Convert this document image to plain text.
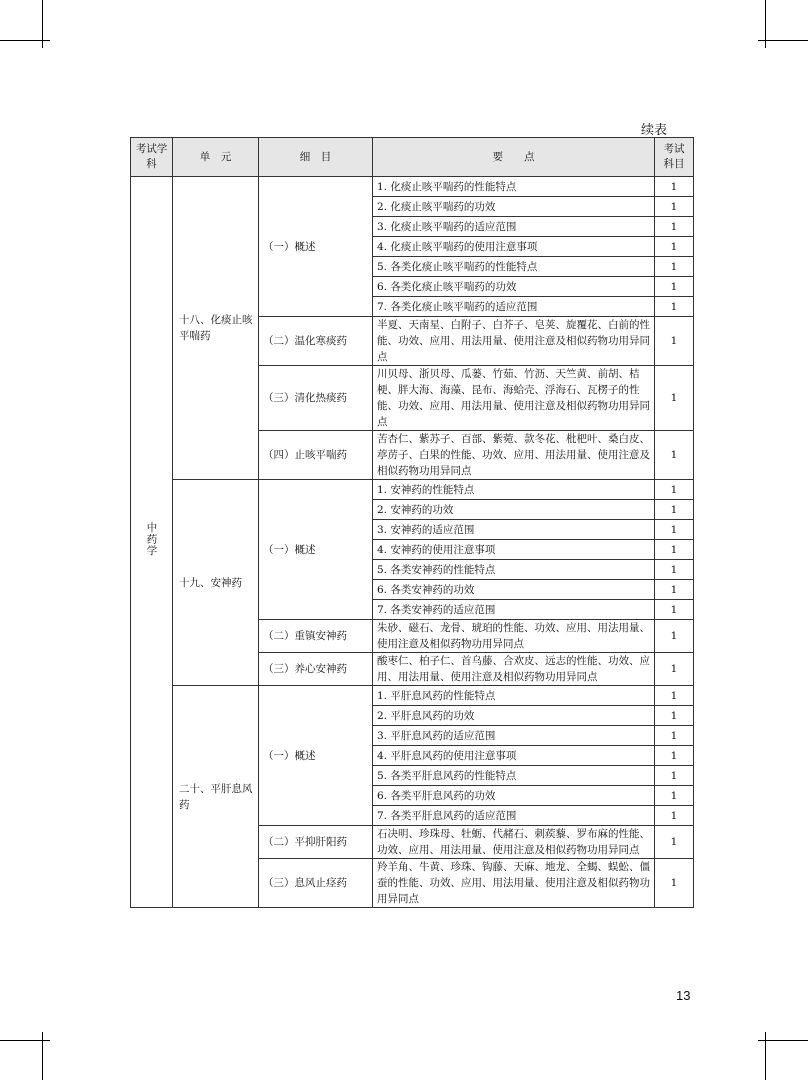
续表
考试学科	单　元	细　目	要　　点	考试科目
中药学	十八、化痰止咳平喘药	（一）概述	1. 化痰止咳平喘药的性能特点	1
			2. 化痰止咳平喘药的功效	1
			3. 化痰止咳平喘药的适应范围	1
			4. 化痰止咳平喘药的使用注意事项	1
			5. 各类化痰止咳平喘药的性能特点	1
			6. 各类化痰止咳平喘药的功效	1
			7. 各类化痰止咳平喘药的适应范围	1
		（二）温化寒痰药	半夏、天南星、白附子、白芥子、皂荚、旋覆花、白前的性能、功效、应用、用法用量、使用注意及相似药物功用异同点	1
		（三）清化热痰药	川贝母、浙贝母、瓜蒌、竹茹、竹沥、天竺黄、前胡、桔梗、胖大海、海藻、昆布、海蛤壳、浮海石、瓦楞子的性能、功效、应用、用法用量、使用注意及相似药物功用异同点	1
		（四）止咳平喘药	苦杏仁、紫苏子、百部、紫菀、款冬花、枇杷叶、桑白皮、葶苈子、白果的性能、功效、应用、用法用量、使用注意及相似药物功用异同点	1
	十九、安神药	（一）概述	1. 安神药的性能特点	1
			2. 安神药的功效	1
			3. 安神药的适应范围	1
			4. 安神药的使用注意事项	1
			5. 各类安神药的性能特点	1
			6. 各类安神药的功效	1
			7. 各类安神药的适应范围	1
		（二）重镇安神药	朱砂、磁石、龙骨、琥珀的性能、功效、应用、用法用量、使用注意及相似药物功用异同点	1
		（三）养心安神药	酸枣仁、柏子仁、首乌藤、合欢皮、远志的性能、功效、应用、用法用量、使用注意及相似药物功用异同点	1
	二十、平肝息风药	（一）概述	1. 平肝息风药的性能特点	1
			2. 平肝息风药的功效	1
			3. 平肝息风药的适应范围	1
			4. 平肝息风药的使用注意事项	1
			5. 各类平肝息风药的性能特点	1
			6. 各类平肝息风药的功效	1
			7. 各类平肝息风药的适应范围	1
		（二）平抑肝阳药	石决明、珍珠母、牡蛎、代赭石、刺蒺藜、罗布麻的性能、功效、应用、用法用量、使用注意及相似药物功用异同点	1
		（三）息风止痉药	羚羊角、牛黄、珍珠、钩藤、天麻、地龙、全蝎、蜈蚣、僵蚕的性能、功效、应用、用法用量、使用注意及相似药物功用异同点	1
13
